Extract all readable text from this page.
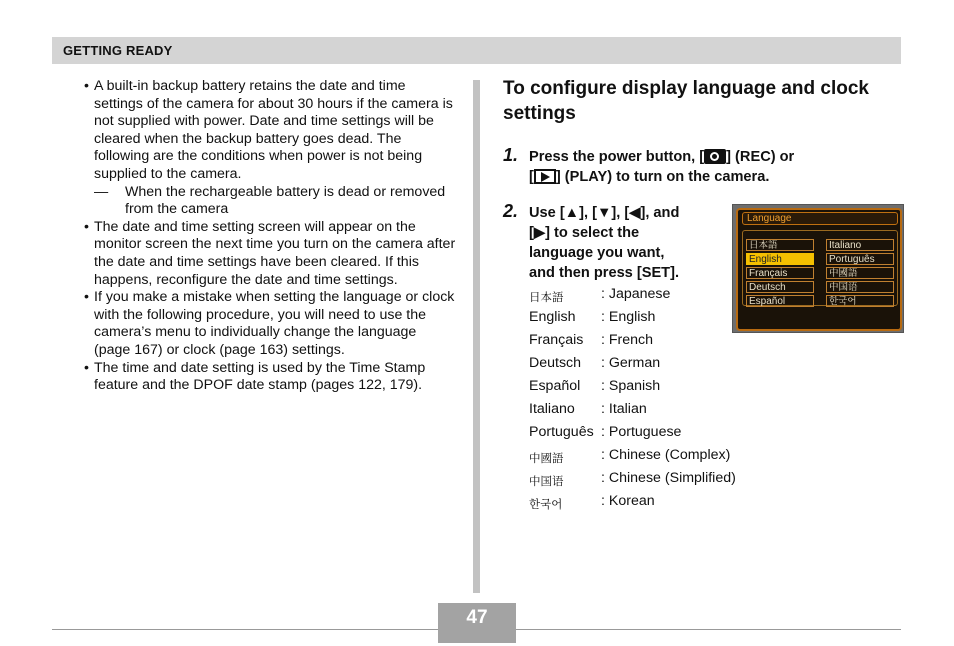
GETTING READY
• A built-in backup battery retains the date and time settings of the camera for about 30 hours if the camera is not supplied with power. Date and time settings will be cleared when the backup battery goes dead. The following are the conditions when power is not being supplied to the camera.
— When the rechargeable battery is dead or removed from the camera
• The date and time setting screen will appear on the monitor screen the next time you turn on the camera after the date and time settings have been cleared. If this happens, reconfigure the date and time settings.
• If you make a mistake when setting the language or clock with the following procedure, you will need to use the camera’s menu to individually change the language (page 167) or clock (page 163) settings.
• The time and date setting is used by the Time Stamp feature and the DPOF date stamp (pages 122, 179).
To configure display language and clock settings
1. Press the power button, [ ] (REC) or
[ ] (PLAY) to turn on the camera.
2. Use [▲], [▼], [◀], and
[▶] to select the
language you want,
and then press [SET].
日本語	: Japanese
English : English
Français : French
Deutsch : German
Español : Spanish
Italiano : Italian
Português : Portuguese
中國語	: Chinese (Complex)
中国语	: Chinese (Simplified)
한국어	: Korean
Language
日本語
English
Français
Deutsch
Español
Italiano
Português
中國語
中国语
한국어
47
